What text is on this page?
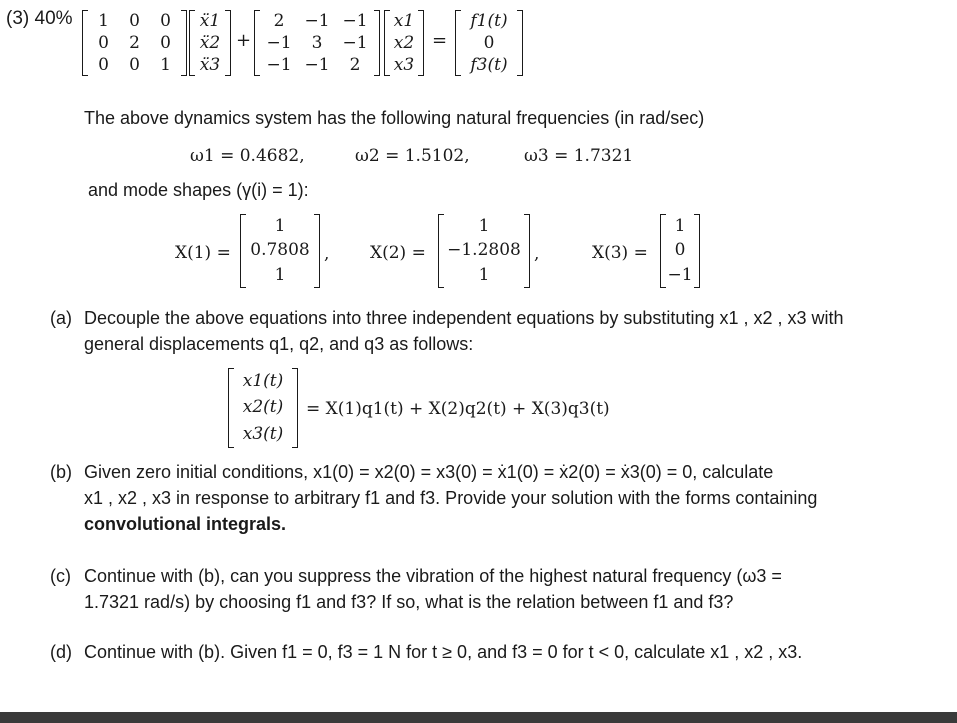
(3) 40% 1 0 0
0 2 0
0 0 1
ẍ1
ẍ2
ẍ3
+
2 −1 −1
−1 3 −1
−1 −1 2
x1
x2
x3
=
f1(t)
0
f3(t)
The above dynamics system has the following natural frequencies (in rad/sec)
ω1 = 0.4682,	ω2 = 1.5102,	ω3 = 1.7321
and mode shapes (γ(i) = 1):
X(1) =
1
0.7808
1
, X(2) =
1
−1.2808
1
,	X(3) =
1
0
−1
(a) Decouple the above equations into three independent equations by substituting x1 , x2 , x3 with
general displacements q1, q2, and q3 as follows:
x1(t)
x2(t)
x3(t)
= X(1)q1(t) + X(2)q2(t) + X(3)q3(t)
(b) Given zero initial conditions, x1(0) = x2(0) = x3(0) = ẋ1(0) = ẋ2(0) = ẋ3(0) = 0, calculate
x1 , x2 , x3 in response to arbitrary f1 and f3. Provide your solution with the forms containing
convolutional integrals.
(c) Continue with (b), can you suppress the vibration of the highest natural frequency (ω3 =
1.7321 rad/s) by choosing f1 and f3? If so, what is the relation between f1 and f3?
(d) Continue with (b). Given f1 = 0, f3 = 1 N for t ≥ 0, and f3 = 0 for t < 0, calculate x1 , x2 , x3.
